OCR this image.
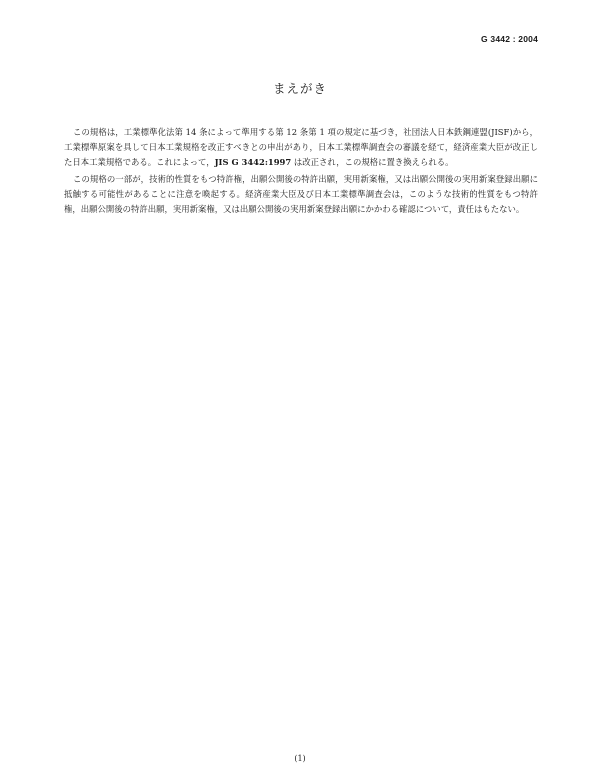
G 3442 : 2004
まえがき

この規格は，工業標準化法第 14 条によって準用する第 12 条第 1 項の規定に基づき，社団法人日本鉄鋼連盟(JISF)から，工業標準原案を具して日本工業規格を改正すべきとの申出があり，日本工業標準調査会の審議を経て，経済産業大臣が改正した日本工業規格である。これによって，JIS G 3442:1997 は改正され，この規格に置き換えられる。

この規格の一部が，技術的性質をもつ特許権，出願公開後の特許出願，実用新案権，又は出願公開後の実用新案登録出願に抵触する可能性があることに注意を喚起する。経済産業大臣及び日本工業標準調査会は，このような技術的性質をもつ特許権，出願公開後の特許出願，実用新案権，又は出願公開後の実用新案登録出願にかかわる確認について，責任はもたない。

(1)
